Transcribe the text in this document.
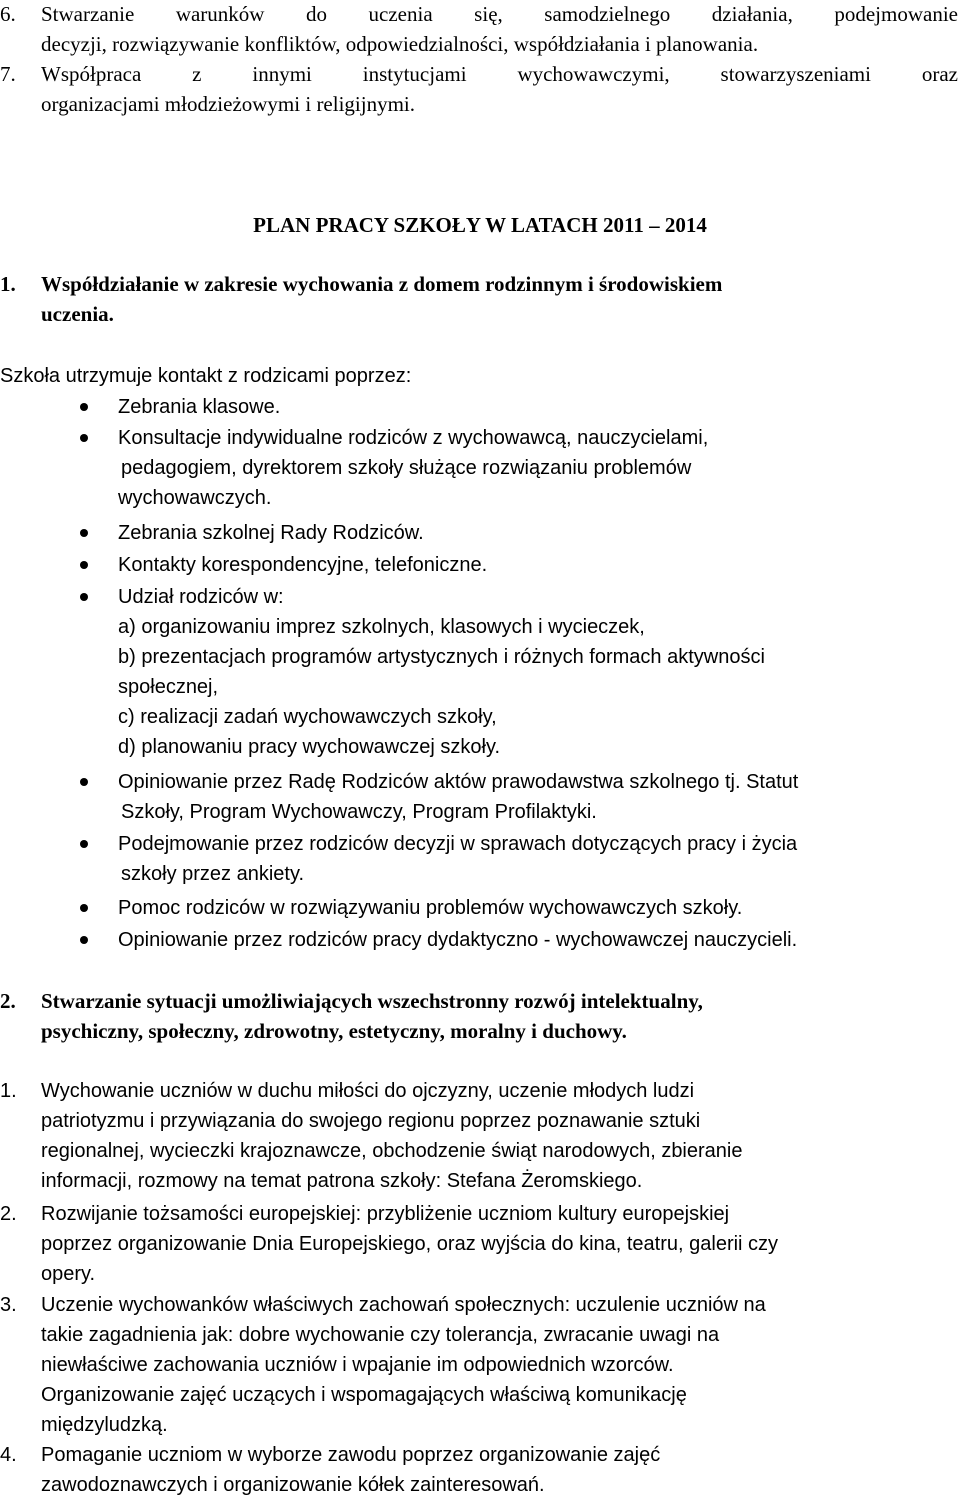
6. Stwarzanie warunków do uczenia się, samodzielnego działania, podejmowanie
decyzji, rozwiązywanie konfliktów, odpowiedzialności, współdziałania i planowania.
7. Współpraca z innymi instytucjami wychowawczymi, stowarzyszeniami oraz
organizacjami młodzieżowymi i religijnymi.
PLAN PRACY SZKOŁY W LATACH 2011 – 2014
1. Współdziałanie w zakresie wychowania z domem rodzinnym i środowiskiem
uczenia.
Szkoła utrzymuje kontakt z rodzicami poprzez:
Zebrania klasowe.
Konsultacje indywidualne rodziców z wychowawcą, nauczycielami,
pedagogiem, dyrektorem szkoły służące rozwiązaniu problemów
wychowawczych.
Zebrania szkolnej Rady Rodziców.
Kontakty korespondencyjne, telefoniczne.
Udział rodziców w:
a) organizowaniu imprez szkolnych, klasowych i wycieczek,
b) prezentacjach programów artystycznych i różnych formach aktywności
społecznej,
c) realizacji zadań wychowawczych szkoły,
d) planowaniu pracy wychowawczej szkoły.
Opiniowanie przez Radę Rodziców aktów prawodawstwa szkolnego tj. Statut
Szkoły, Program Wychowawczy, Program Profilaktyki.
Podejmowanie przez rodziców decyzji w sprawach dotyczących pracy i życia
szkoły przez ankiety.
Pomoc rodziców w rozwiązywaniu problemów wychowawczych szkoły.
Opiniowanie przez rodziców pracy dydaktyczno - wychowawczej nauczycieli.
2. Stwarzanie sytuacji umożliwiających wszechstronny rozwój intelektualny,
psychiczny, społeczny, zdrowotny, estetyczny, moralny i duchowy.
1. Wychowanie uczniów w duchu miłości do ojczyzny, uczenie młodych ludzi
patriotyzmu i przywiązania do swojego regionu poprzez poznawanie sztuki
regionalnej, wycieczki krajoznawcze, obchodzenie świąt narodowych, zbieranie
informacji, rozmowy na temat patrona szkoły: Stefana Żeromskiego.
2. Rozwijanie tożsamości europejskiej: przybliżenie uczniom kultury europejskiej
poprzez organizowanie Dnia Europejskiego, oraz wyjścia do kina, teatru, galerii czy
opery.
3. Uczenie wychowanków właściwych zachowań społecznych: uczulenie uczniów na
takie zagadnienia jak: dobre wychowanie czy tolerancja, zwracanie uwagi na
niewłaściwe zachowania uczniów i wpajanie im odpowiednich wzorców.
Organizowanie zajęć uczących i wspomagających właściwą komunikację
międzyludzką.
4. Pomaganie uczniom w wyborze zawodu poprzez organizowanie zajęć
zawodoznawczych i organizowanie kółek zainteresowań.
